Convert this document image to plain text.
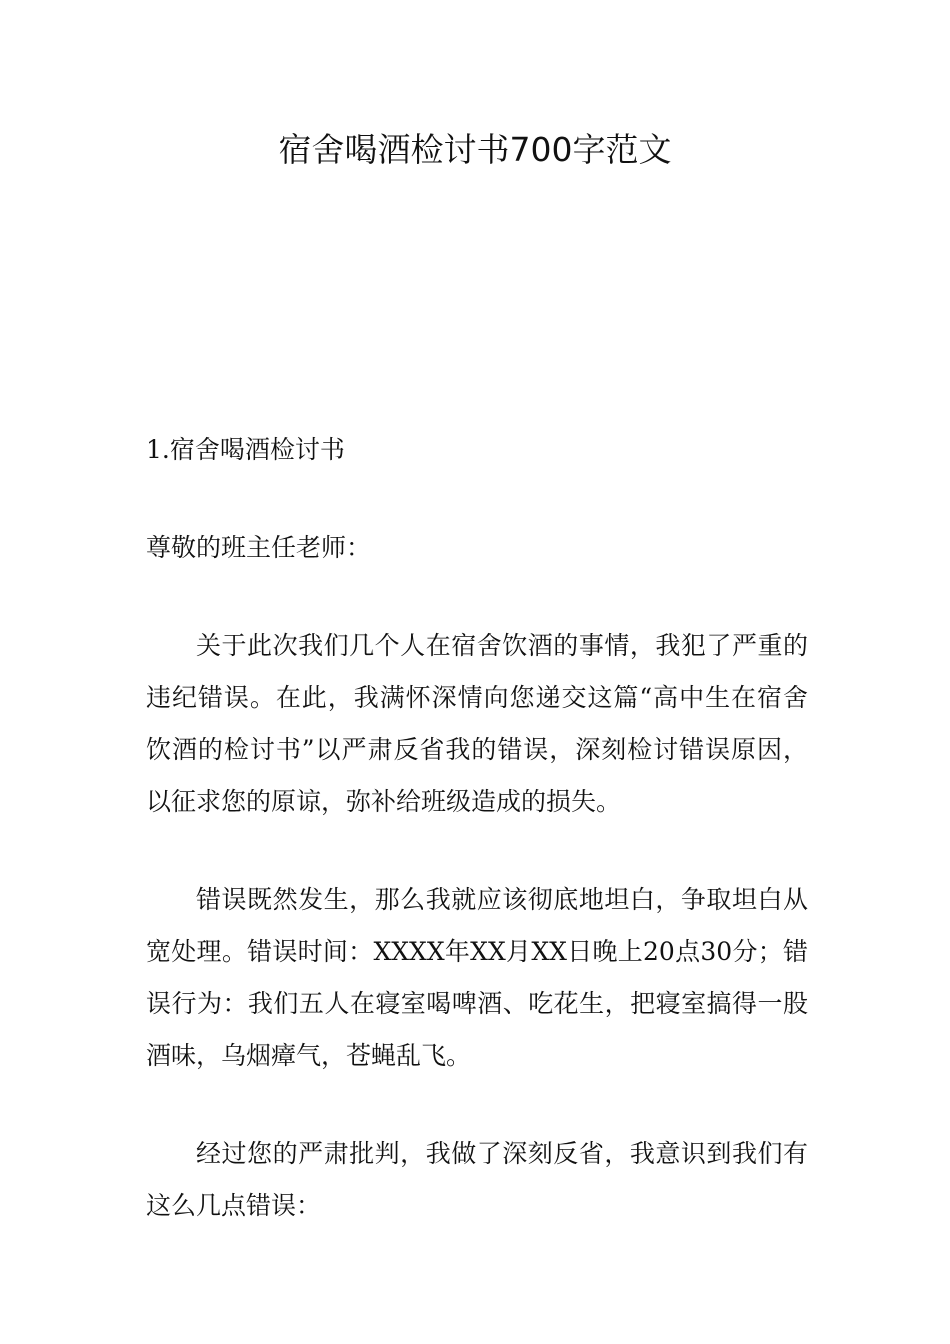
宿舍喝酒检讨书700字范文

1.宿舍喝酒检讨书

尊敬的班主任老师：

关于此次我们几个人在宿舍饮酒的事情，我犯了严重的违纪错误。在此，我满怀深情向您递交这篇“高中生在宿舍饮酒的检讨书”以严肃反省我的错误，深刻检讨错误原因，以征求您的原谅，弥补给班级造成的损失。

错误既然发生，那么我就应该彻底地坦白，争取坦白从宽处理。错误时间：XXXX年XX月XX日晚上20点30分；错误行为：我们五人在寝室喝啤酒、吃花生，把寝室搞得一股酒味，乌烟瘴气，苍蝇乱飞。

经过您的严肃批判，我做了深刻反省，我意识到我们有这么几点错误：
